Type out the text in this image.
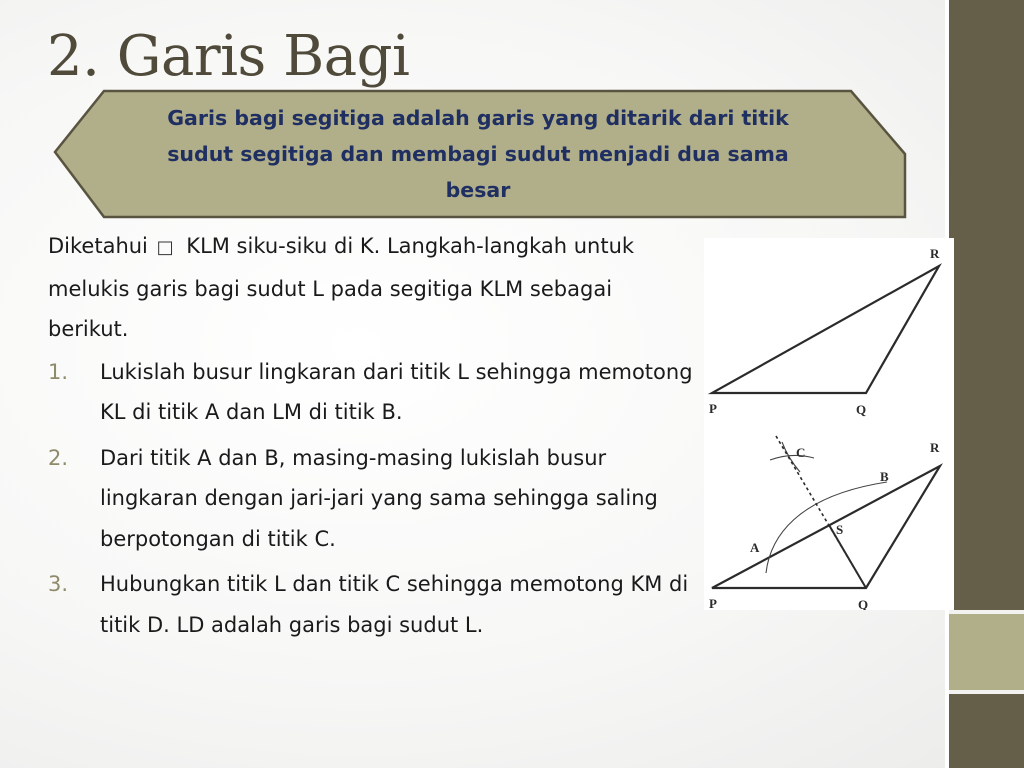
2. Garis Bagi
Garis bagi segitiga adalah garis yang ditarik dari titik sudut segitiga dan membagi sudut menjadi dua sama besar

Diketahui □ KLM siku-siku di K. Langkah-langkah untuk melukis garis bagi sudut L pada segitiga KLM sebagai berikut.

1. Lukislah busur lingkaran dari titik L sehingga memotong KL di titik A dan LM di titik B.
2. Dari titik A dan B, masing-masing lukislah busur lingkaran dengan jari-jari yang sama sehingga saling berpotongan di titik C.
3. Hubungkan titik L dan titik C sehingga memotong KM di titik D. LD adalah garis bagi sudut L.
P	Q
R
P	Q
R
A
B
C
S
